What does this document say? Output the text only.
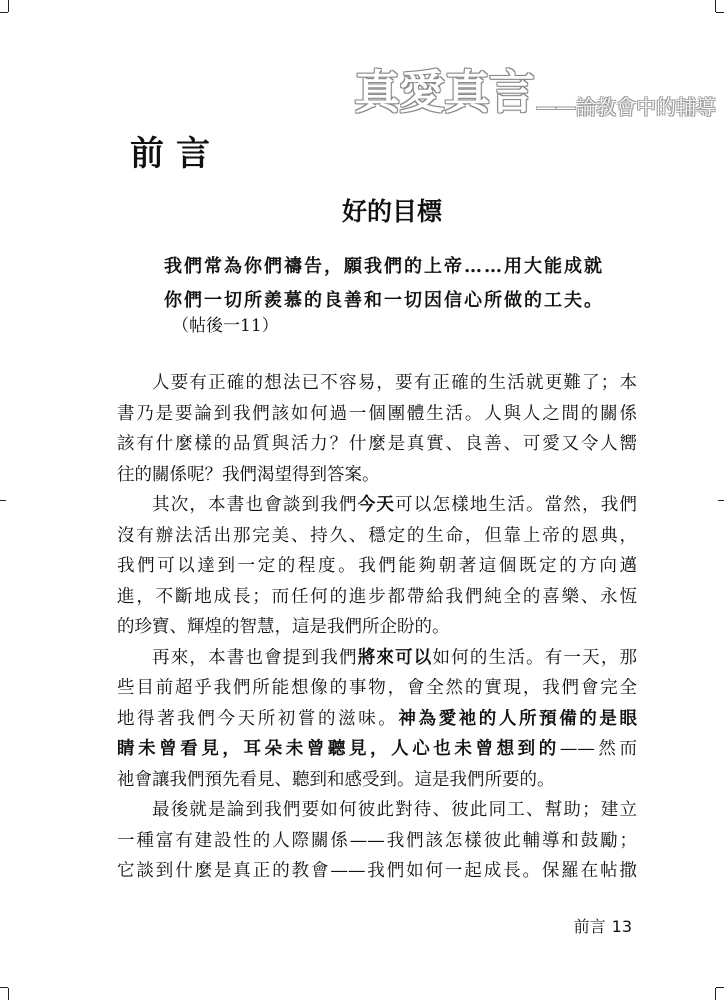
真愛真言 ——論教會中的輔導
前言
好的目標
我們常為你們禱告，願我們的上帝……用大能成就
你們一切所羨慕的良善和一切因信心所做的工夫。
（帖後一11）
人要有正確的想法已不容易，要有正確的生活就更難了；本
書乃是要論到我們該如何過一個團體生活。人與人之間的關係
該有什麼樣的品質與活力？什麼是真實、良善、可愛又令人嚮
往的關係呢？我們渴望得到答案。
其次，本書也會談到我們今天可以怎樣地生活。當然，我們
沒有辦法活出那完美、持久、穩定的生命，但靠上帝的恩典，
我們可以達到一定的程度。我們能夠朝著這個既定的方向邁
進，不斷地成長；而任何的進步都帶給我們純全的喜樂、永恆
的珍寶、輝煌的智慧，這是我們所企盼的。
再來，本書也會提到我們將來可以如何的生活。有一天，那
些目前超乎我們所能想像的事物，會全然的實現，我們會完全
地得著我們今天所初嘗的滋味。神為愛祂的人所預備的是眼
睛未曾看見，耳朵未曾聽見，人心也未曾想到的——然而
祂會讓我們預先看見、聽到和感受到。這是我們所要的。
最後就是論到我們要如何彼此對待、彼此同工、幫助；建立
一種富有建設性的人際關係——我們該怎樣彼此輔導和鼓勵；
它談到什麼是真正的教會——我們如何一起成長。保羅在帖撒
前言 13
